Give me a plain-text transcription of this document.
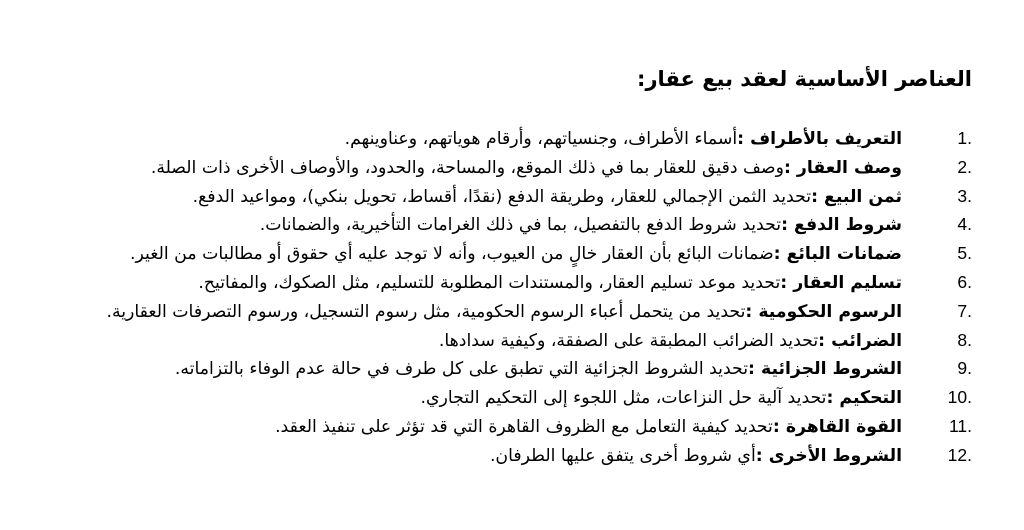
العناصر الأساسية لعقد بيع عقار:
1.
التعريف بالأطراف :أسماء الأطراف، وجنسياتهم، وأرقام هوياتهم، وعناوينهم.
2.
وصف العقار :وصف دقيق للعقار بما في ذلك الموقع، والمساحة، والحدود، والأوصاف الأخرى ذات الصلة.
3.
ثمن البيع :تحديد الثمن الإجمالي للعقار، وطريقة الدفع (نقدًا، أقساط، تحويل بنكي)، ومواعيد الدفع.
4.
شروط الدفع :تحديد شروط الدفع بالتفصيل، بما في ذلك الغرامات التأخيرية، والضمانات.
5.
ضمانات البائع :ضمانات البائع بأن العقار خالٍ من العيوب، وأنه لا توجد عليه أي حقوق أو مطالبات من الغير.
6.
تسليم العقار :تحديد موعد تسليم العقار، والمستندات المطلوبة للتسليم، مثل الصكوك، والمفاتيح.
7.
الرسوم الحكومية :تحديد من يتحمل أعباء الرسوم الحكومية، مثل رسوم التسجيل، ورسوم التصرفات العقارية.
8.
الضرائب :تحديد الضرائب المطبقة على الصفقة، وكيفية سدادها.
9.
الشروط الجزائية :تحديد الشروط الجزائية التي تطبق على كل طرف في حالة عدم الوفاء بالتزاماته.
10.
التحكيم :تحديد آلية حل النزاعات، مثل اللجوء إلى التحكيم التجاري.
11.
القوة القاهرة :تحديد كيفية التعامل مع الظروف القاهرة التي قد تؤثر على تنفيذ العقد.
12.
الشروط الأخرى :أي شروط أخرى يتفق عليها الطرفان.
